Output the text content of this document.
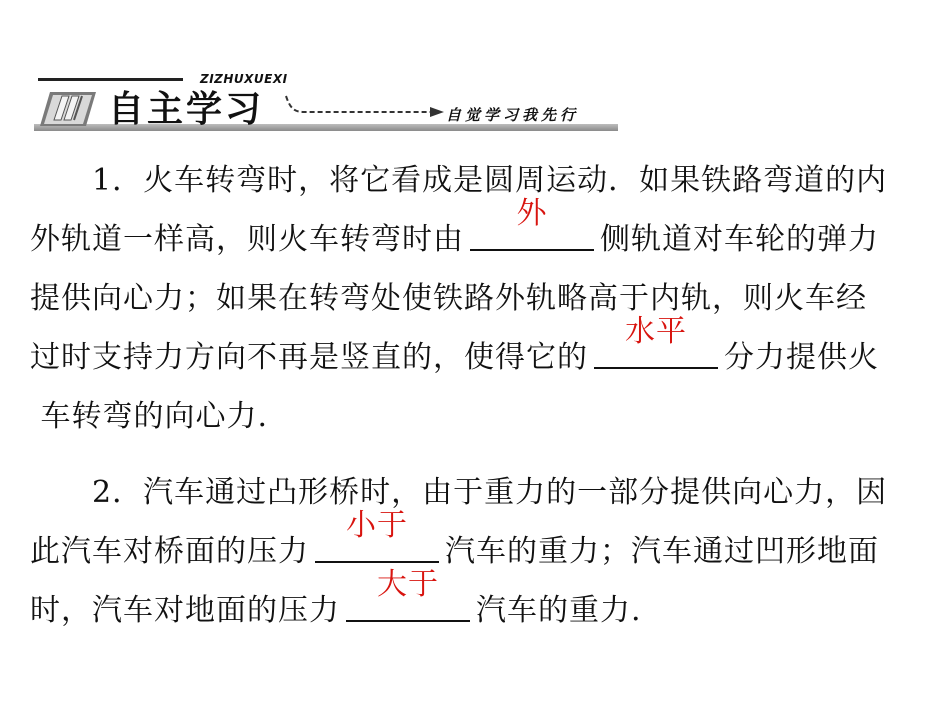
ZIZHUXUEXI
自主学习	自觉学习我先行
1．火车转弯时，将它看成是圆周运动．如果铁路弯道的内
外轨道一样高，则火车转弯时由
外
侧轨道对车轮的弹力
提供向心力；如果在转弯处使铁路外轨略高于内轨，则火车经
过时支持力方向不再是竖直的，使得它的
水平
分力提供火
车转弯的向心力.
2．汽车通过凸形桥时，由于重力的一部分提供向心力，因
此汽车对桥面的压力
小于
汽车的重力；汽车通过凹形地面
时，汽车对地面的压力
大于
汽车的重力.
